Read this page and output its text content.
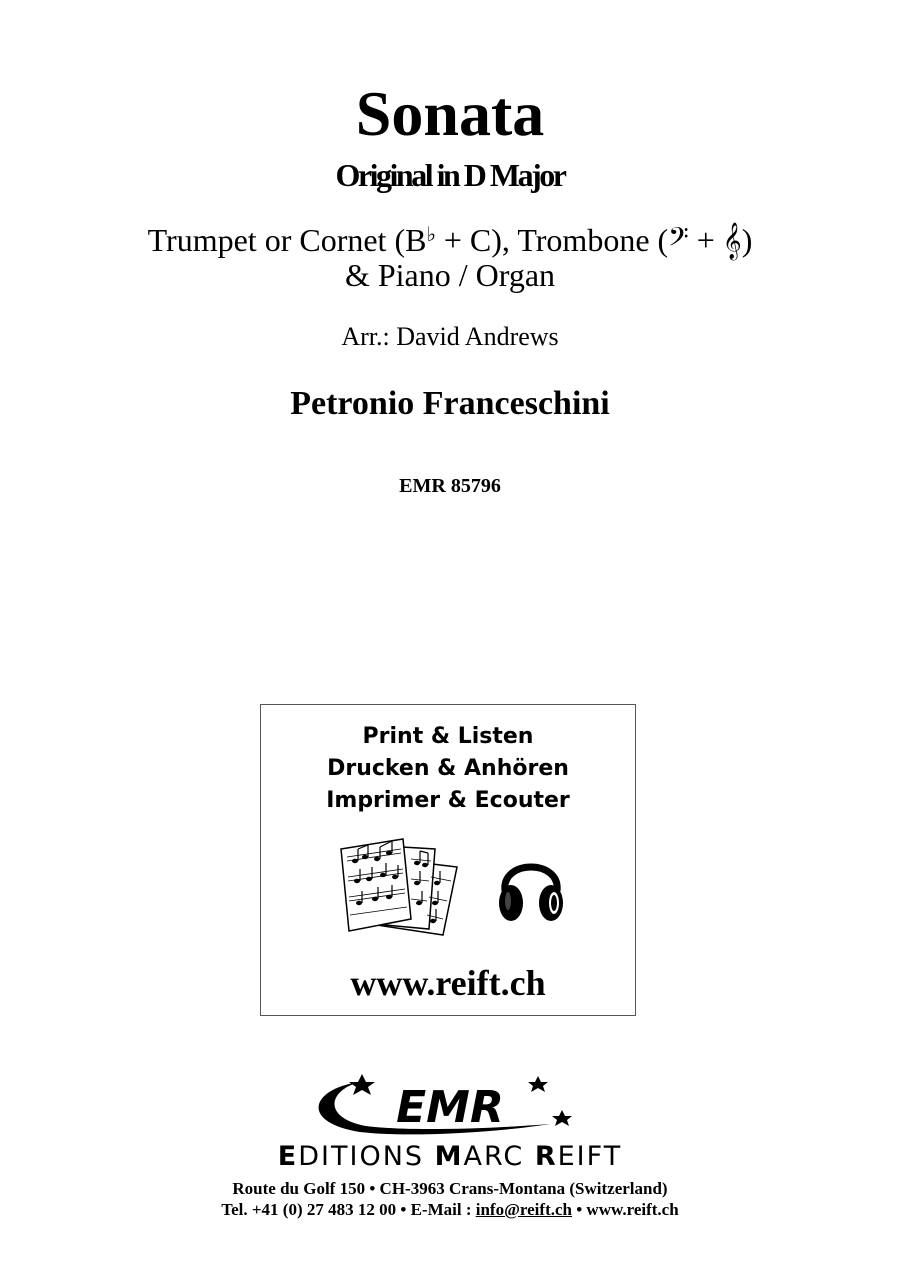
Sonata
Original in D Major
Trumpet or Cornet (B♭ + C), Trombone (𝄢 + 𝄞)
& Piano / Organ
Arr.: David Andrews
Petronio Franceschini
EMR 85796
Print & Listen
Drucken & Anhören
Imprimer & Ecouter
www.reift.ch
EMR
EDITIONS MARC REIFT
Route du Golf 150 • CH-3963 Crans-Montana (Switzerland)
Tel. +41 (0) 27 483 12 00 • E-Mail : info@reift.ch • www.reift.ch
